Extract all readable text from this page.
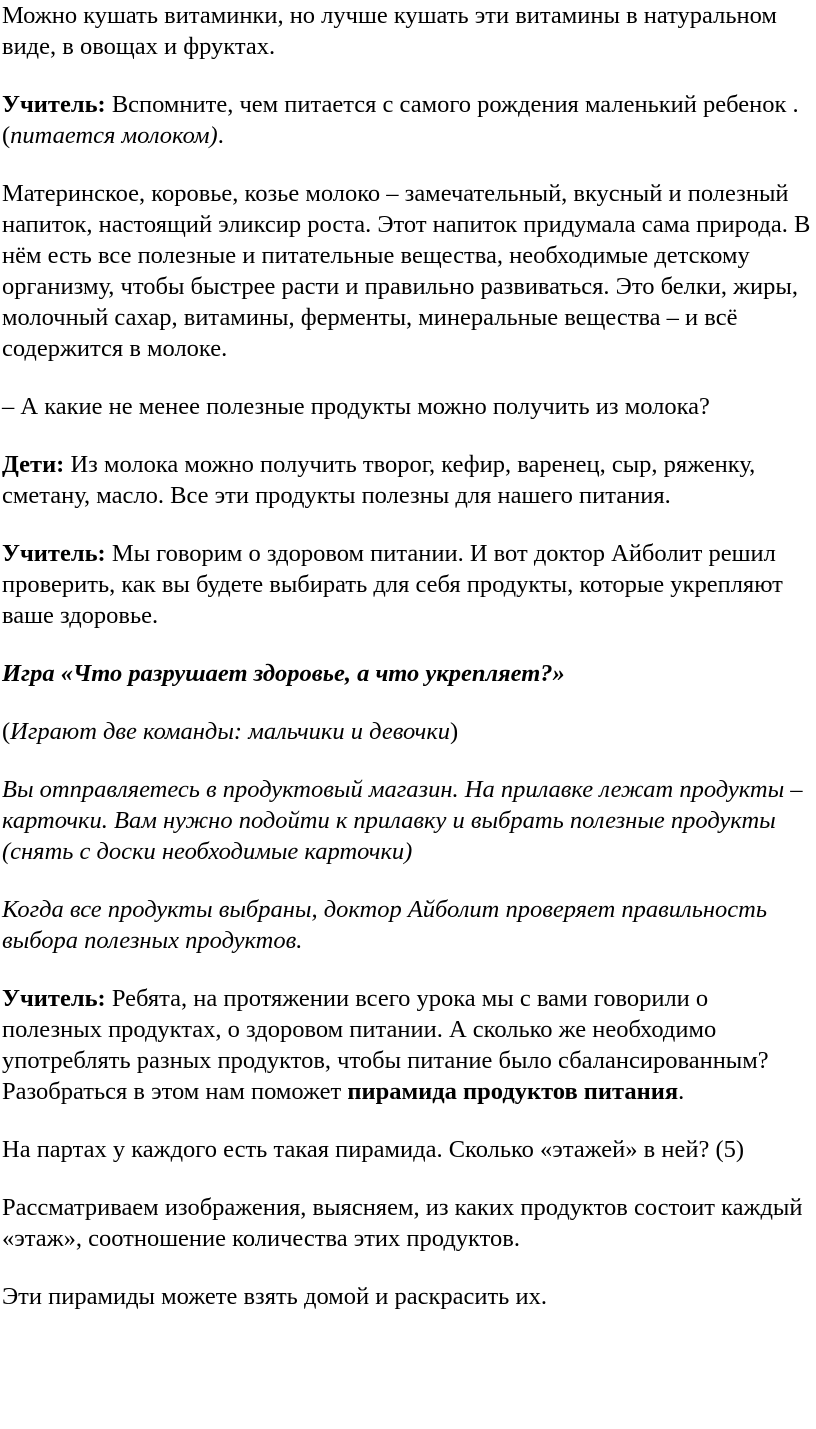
Можно кушать витаминки, но лучше кушать эти витамины в натуральном виде, в овощах и фруктах.

Учитель: Вспомните, чем питается с самого рождения маленький ребенок . (питается молоком).

Материнское, коровье, козье молоко – замечательный, вкусный и полезный напиток, настоящий эликсир роста. Этот напиток придумала сама природа. В нём есть все полезные и питательные вещества, необходимые детскому организму, чтобы быстрее расти и правильно развиваться. Это белки, жиры, молочный сахар, витамины, ферменты, минеральные вещества – и всё содержится в молоке.

– А какие не менее полезные продукты можно получить из молока?

Дети: Из молока можно получить творог, кефир, варенец, сыр, ряженку, сметану, масло. Все эти продукты полезны для нашего питания.

Учитель: Мы говорим о здоровом питании. И вот доктор Айболит решил проверить, как вы будете выбирать для себя продукты, которые укрепляют ваше здоровье.

Игра «Что разрушает здоровье, а что укрепляет?»

(Играют две команды: мальчики и девочки)

Вы отправляетесь в продуктовый магазин. На прилавке лежат продукты – карточки. Вам нужно подойти к прилавку и выбрать полезные продукты (снять с доски необходимые карточки)

Когда все продукты выбраны, доктор Айболит проверяет правильность выбора полезных продуктов.

Учитель: Ребята, на протяжении всего урока мы с вами говорили о полезных продуктах, о здоровом питании. А сколько же необходимо употреблять разных продуктов, чтобы питание было сбалансированным? Разобраться в этом нам поможет пирамида продуктов питания.

На партах у каждого есть такая пирамида. Сколько «этажей» в ней? (5)

Рассматриваем изображения, выясняем, из каких продуктов состоит каждый «этаж», соотношение количества этих продуктов.

Эти пирамиды можете взять домой и раскрасить их.
